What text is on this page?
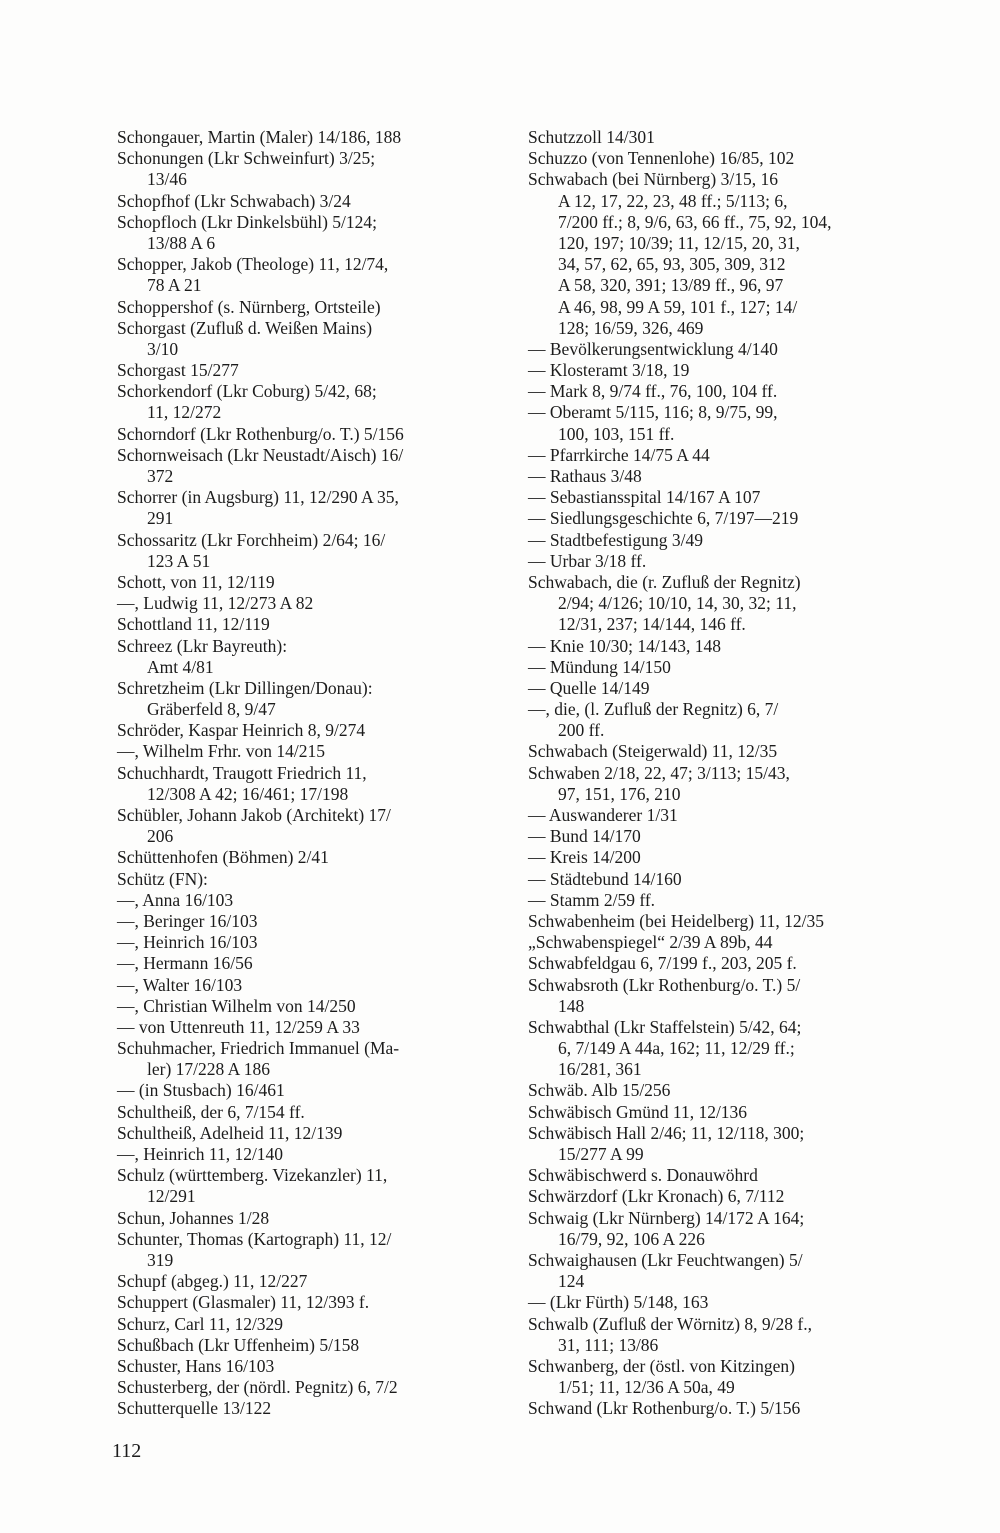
Schongauer, Martin (Maler) 14/186, 188
Schonungen (Lkr Schweinfurt) 3/25;
13/46
Schopfhof (Lkr Schwabach) 3/24
Schopfloch (Lkr Dinkelsbühl) 5/124;
13/88 A 6
Schopper, Jakob (Theologe) 11, 12/74,
78 A 21
Schoppershof (s. Nürnberg, Ortsteile)
Schorgast (Zufluß d. Weißen Mains)
3/10
Schorgast 15/277
Schorkendorf (Lkr Coburg) 5/42, 68;
11, 12/272
Schorndorf (Lkr Rothenburg/o. T.) 5/156
Schornweisach (Lkr Neustadt/Aisch) 16/
372
Schorrer (in Augsburg) 11, 12/290 A 35,
291
Schossaritz (Lkr Forchheim) 2/64; 16/
123 A 51
Schott, von 11, 12/119
—, Ludwig 11, 12/273 A 82
Schottland 11, 12/119
Schreez (Lkr Bayreuth):
Amt 4/81
Schretzheim (Lkr Dillingen/Donau):
Gräberfeld 8, 9/47
Schröder, Kaspar Heinrich 8, 9/274
—, Wilhelm Frhr. von 14/215
Schuchhardt, Traugott Friedrich 11,
12/308 A 42; 16/461; 17/198
Schübler, Johann Jakob (Architekt) 17/
206
Schüttenhofen (Böhmen) 2/41
Schütz (FN):
—, Anna 16/103
—, Beringer 16/103
—, Heinrich 16/103
—, Hermann 16/56
—, Walter 16/103
—, Christian Wilhelm von 14/250
— von Uttenreuth 11, 12/259 A 33
Schuhmacher, Friedrich Immanuel (Ma-
ler) 17/228 A 186
— (in Stusbach) 16/461
Schultheiß, der 6, 7/154 ff.
Schultheiß, Adelheid 11, 12/139
—, Heinrich 11, 12/140
Schulz (württemberg. Vizekanzler) 11,
12/291
Schun, Johannes 1/28
Schunter, Thomas (Kartograph) 11, 12/
319
Schupf (abgeg.) 11, 12/227
Schuppert (Glasmaler) 11, 12/393 f.
Schurz, Carl 11, 12/329
Schußbach (Lkr Uffenheim) 5/158
Schuster, Hans 16/103
Schusterberg, der (nördl. Pegnitz) 6, 7/2
Schutterquelle 13/122
Schutzzoll 14/301
Schuzzo (von Tennenlohe) 16/85, 102
Schwabach (bei Nürnberg) 3/15, 16
A 12, 17, 22, 23, 48 ff.; 5/113; 6,
7/200 ff.; 8, 9/6, 63, 66 ff., 75, 92, 104,
120, 197; 10/39; 11, 12/15, 20, 31,
34, 57, 62, 65, 93, 305, 309, 312
A 58, 320, 391; 13/89 ff., 96, 97
A 46, 98, 99 A 59, 101 f., 127; 14/
128; 16/59, 326, 469
— Bevölkerungsentwicklung 4/140
— Klosteramt 3/18, 19
— Mark 8, 9/74 ff., 76, 100, 104 ff.
— Oberamt 5/115, 116; 8, 9/75, 99,
100, 103, 151 ff.
— Pfarrkirche 14/75 A 44
— Rathaus 3/48
— Sebastiansspital 14/167 A 107
— Siedlungsgeschichte 6, 7/197—219
— Stadtbefestigung 3/49
— Urbar 3/18 ff.
Schwabach, die (r. Zufluß der Regnitz)
2/94; 4/126; 10/10, 14, 30, 32; 11,
12/31, 237; 14/144, 146 ff.
— Knie 10/30; 14/143, 148
— Mündung 14/150
— Quelle 14/149
—, die, (l. Zufluß der Regnitz) 6, 7/
200 ff.
Schwabach (Steigerwald) 11, 12/35
Schwaben 2/18, 22, 47; 3/113; 15/43,
97, 151, 176, 210
— Auswanderer 1/31
— Bund 14/170
— Kreis 14/200
— Städtebund 14/160
— Stamm 2/59 ff.
Schwabenheim (bei Heidelberg) 11, 12/35
„Schwabenspiegel“ 2/39 A 89b, 44
Schwabfeldgau 6, 7/199 f., 203, 205 f.
Schwabsroth (Lkr Rothenburg/o. T.) 5/
148
Schwabthal (Lkr Staffelstein) 5/42, 64;
6, 7/149 A 44a, 162; 11, 12/29 ff.;
16/281, 361
Schwäb. Alb 15/256
Schwäbisch Gmünd 11, 12/136
Schwäbisch Hall 2/46; 11, 12/118, 300;
15/277 A 99
Schwäbischwerd s. Donauwöhrd
Schwärzdorf (Lkr Kronach) 6, 7/112
Schwaig (Lkr Nürnberg) 14/172 A 164;
16/79, 92, 106 A 226
Schwaighausen (Lkr Feuchtwangen) 5/
124
— (Lkr Fürth) 5/148, 163
Schwalb (Zufluß der Wörnitz) 8, 9/28 f.,
31, 111; 13/86
Schwanberg, der (östl. von Kitzingen)
1/51; 11, 12/36 A 50a, 49
Schwand (Lkr Rothenburg/o. T.) 5/156
112
